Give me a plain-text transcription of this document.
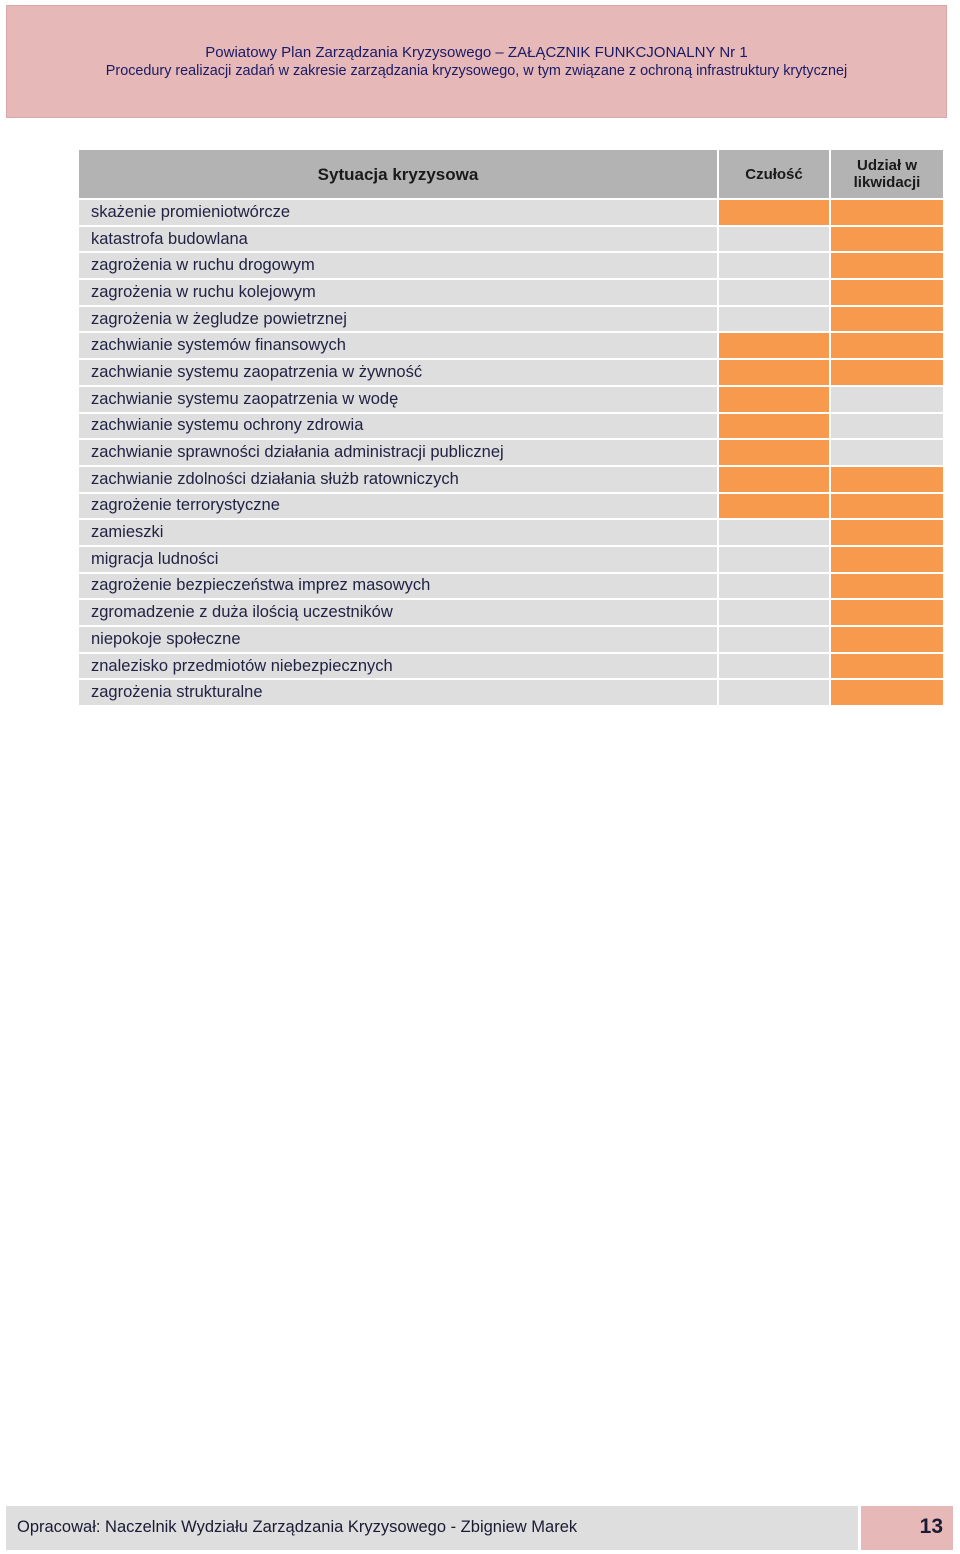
Powiatowy Plan Zarządzania Kryzysowego – ZAŁĄCZNIK FUNKCJONALNY Nr 1
Procedury realizacji zadań w zakresie zarządzania kryzysowego, w tym związane z ochroną infrastruktury krytycznej
Sytuacja kryzysowa	Czułość	Udział w likwidacji
skażenie promieniotwórcze		
katastrofa budowlana		
zagrożenia w ruchu drogowym		
zagrożenia w ruchu kolejowym		
zagrożenia w żegludze powietrznej		
zachwianie systemów finansowych		
zachwianie systemu zaopatrzenia w żywność		
zachwianie systemu zaopatrzenia w wodę		
zachwianie systemu ochrony zdrowia		
zachwianie sprawności działania administracji publicznej		
zachwianie zdolności działania służb ratowniczych		
zagrożenie terrorystyczne		
zamieszki		
migracja ludności		
zagrożenie bezpieczeństwa imprez masowych		
zgromadzenie z duża ilością uczestników		
niepokoje społeczne		
znalezisko przedmiotów niebezpiecznych		
zagrożenia strukturalne		
Opracował: Naczelnik Wydziału Zarządzania Kryzysowego - Zbigniew Marek	13
